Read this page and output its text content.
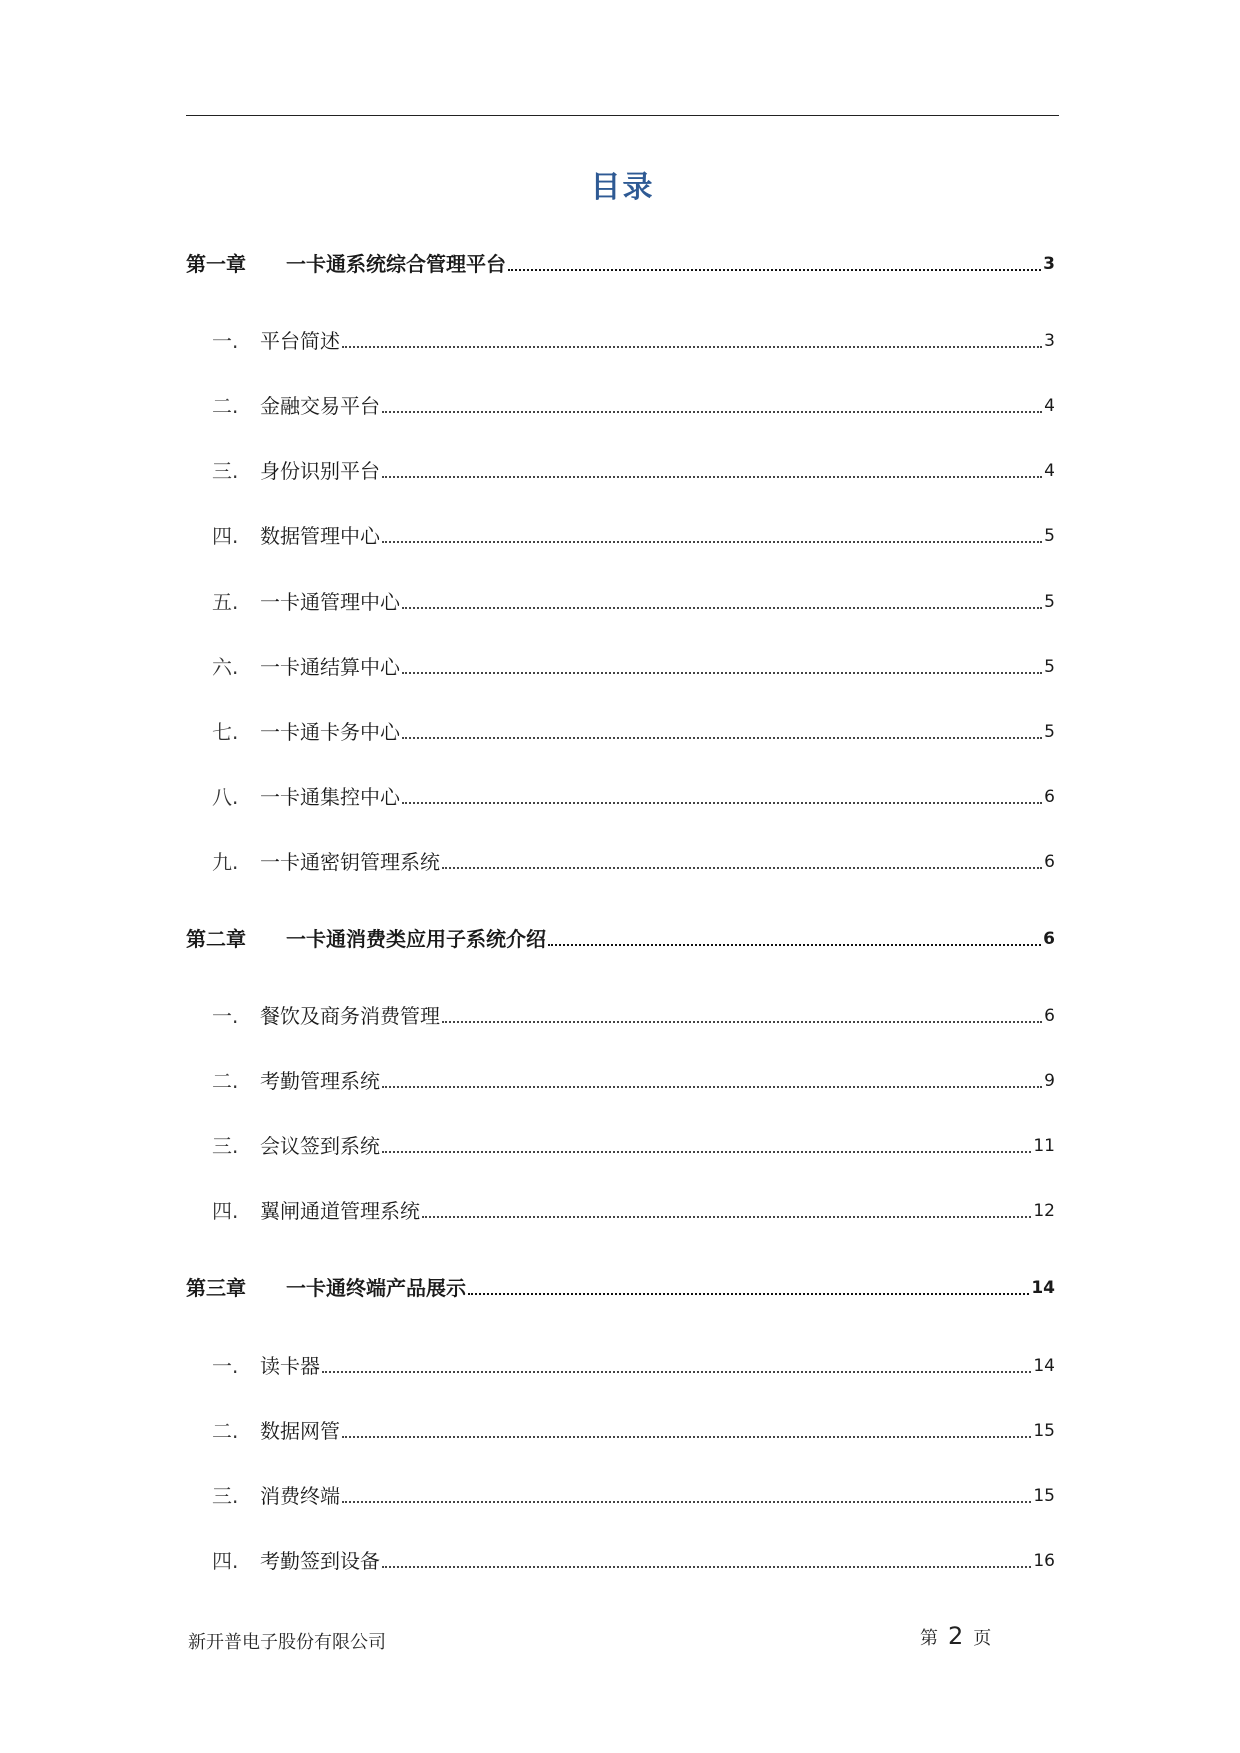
目录
第一章	一卡通系统综合管理平台	3
一.	平台简述	3
二.	金融交易平台	4
三.	身份识别平台	4
四.	数据管理中心	5
五.	一卡通管理中心	5
六.	一卡通结算中心	5
七.	一卡通卡务中心	5
八.	一卡通集控中心	6
九.	一卡通密钥管理系统	6
第二章	一卡通消费类应用子系统介绍	6
一.	餐饮及商务消费管理	6
二.	考勤管理系统	9
三.	会议签到系统	11
四.	翼闸通道管理系统	12
第三章	一卡通终端产品展示	14
一.	读卡器	14
二.	数据网管	15
三.	消费终端	15
四.	考勤签到设备	16
新开普电子股份有限公司	第 2 页
